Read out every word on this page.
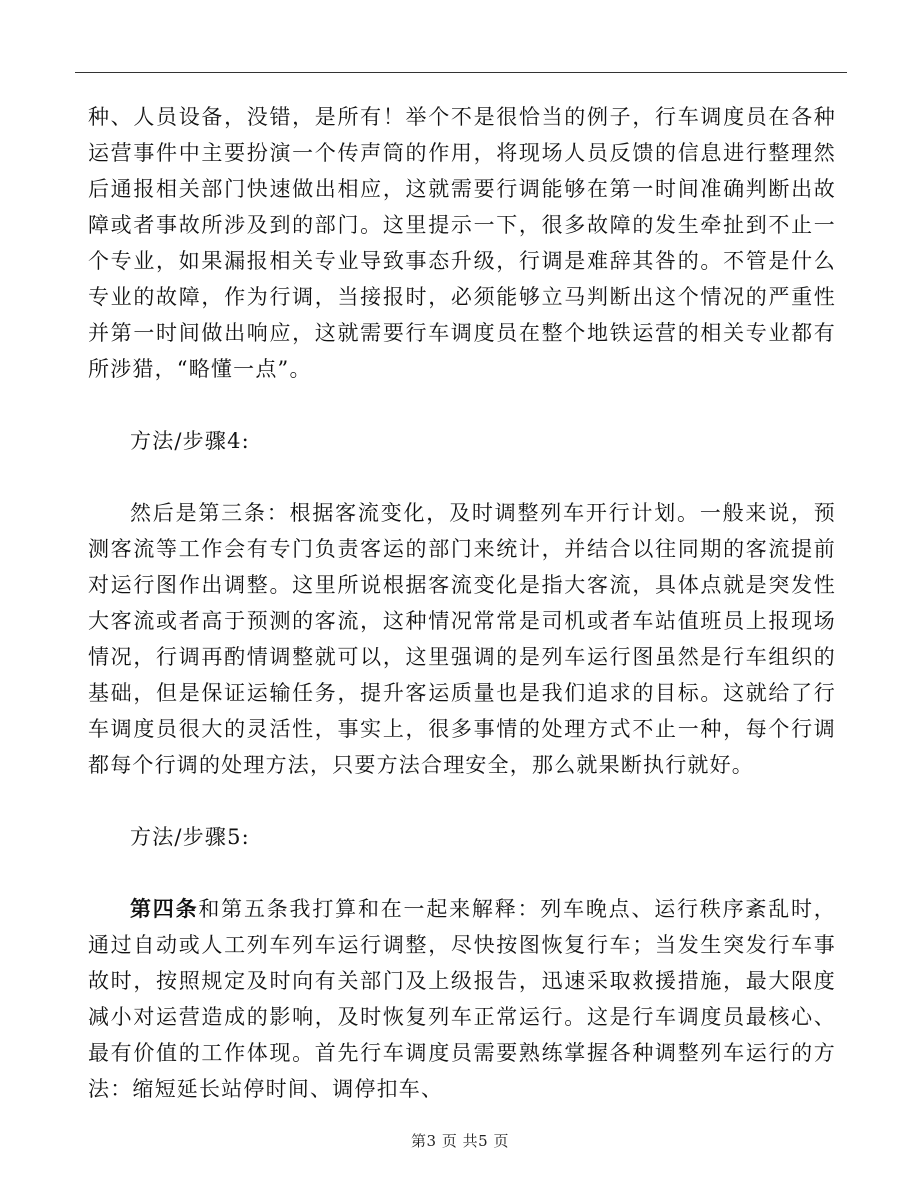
种、人员设备，没错，是所有！举个不是很恰当的例子，行车调度员在各种运营事件中主要扮演一个传声筒的作用，将现场人员反馈的信息进行整理然后通报相关部门快速做出相应，这就需要行调能够在第一时间准确判断出故障或者事故所涉及到的部门。这里提示一下，很多故障的发生牵扯到不止一个专业，如果漏报相关专业导致事态升级，行调是难辞其咎的。不管是什么专业的故障，作为行调，当接报时，必须能够立马判断出这个情况的严重性并第一时间做出响应，这就需要行车调度员在整个地铁运营的相关专业都有所涉猎，“略懂一点”。

方法/步骤4:

然后是第三条：根据客流变化，及时调整列车开行计划。一般来说，预测客流等工作会有专门负责客运的部门来统计，并结合以往同期的客流提前对运行图作出调整。这里所说根据客流变化是指大客流，具体点就是突发性大客流或者高于预测的客流，这种情况常常是司机或者车站值班员上报现场情况，行调再酌情调整就可以，这里强调的是列车运行图虽然是行车组织的基础，但是保证运输任务，提升客运质量也是我们追求的目标。这就给了行车调度员很大的灵活性，事实上，很多事情的处理方式不止一种，每个行调都每个行调的处理方法，只要方法合理安全，那么就果断执行就好。

方法/步骤5:

第四条和第五条我打算和在一起来解释：列车晚点、运行秩序紊乱时，通过自动或人工列车列车运行调整，尽快按图恢复行车；当发生突发行车事故时，按照规定及时向有关部门及上级报告，迅速采取救援措施，最大限度减小对运营造成的影响，及时恢复列车正常运行。这是行车调度员最核心、最有价值的工作体现。首先行车调度员需要熟练掌握各种调整列车运行的方法：缩短延长站停时间、调停扣车、

第3 页 共5 页
